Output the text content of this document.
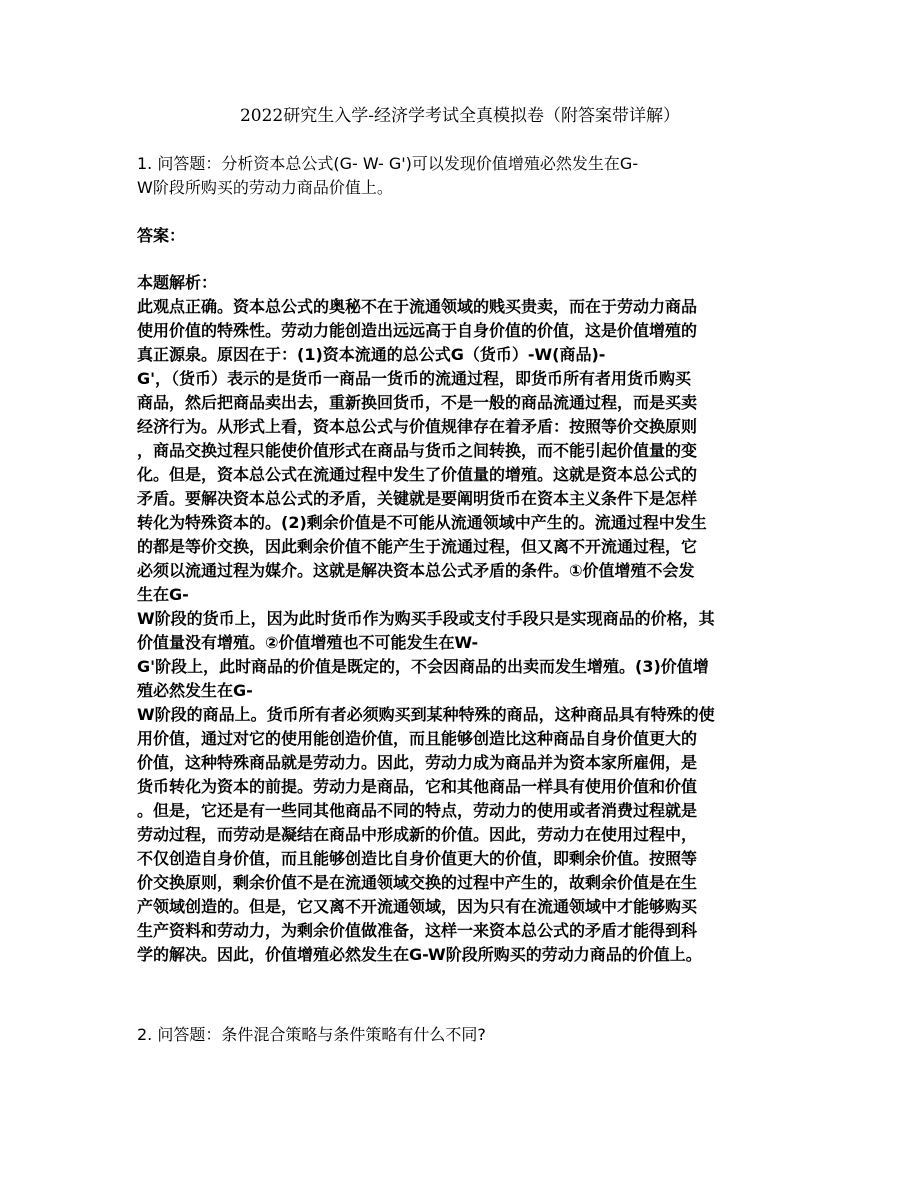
2022研究生入学-经济学考试全真模拟卷（附答案带详解）
1. 问答题：分析资本总公式(G- W- G')可以发现价值增殖必然发生在G-
W阶段所购买的劳动力商品价值上。
答案：
本题解析：
此观点正确。资本总公式的奥秘不在于流通领域的贱买贵卖，而在于劳动力商品
使用价值的特殊性。劳动力能创造出远远高于自身价值的价值，这是价值增殖的
真正源泉。原因在于：(1)资本流通的总公式G（货币）-W(商品)-
G'，（货币）表示的是货币一商品一货币的流通过程，即货币所有者用货币购买
商品，然后把商品卖出去，重新换回货币，不是一般的商品流通过程，而是买卖
经济行为。从形式上看，资本总公式与价值规律存在着矛盾：按照等价交换原则
，商品交换过程只能使价值形式在商品与货币之间转换，而不能引起价值量的变
化。但是，资本总公式在流通过程中发生了价值量的增殖。这就是资本总公式的
矛盾。要解决资本总公式的矛盾，关键就是要阐明货币在资本主义条件下是怎样
转化为特殊资本的。(2)剩余价值是不可能从流通领域中产生的。流通过程中发生
的都是等价交换，因此剩余价值不能产生于流通过程，但又离不开流通过程，它
必须以流通过程为媒介。这就是解决资本总公式矛盾的条件。①价值增殖不会发
生在G-
W阶段的货币上，因为此时货币作为购买手段或支付手段只是实现商品的价格，其
价值量没有增殖。②价值增殖也不可能发生在W-
G'阶段上，此时商品的价值是既定的，不会因商品的出卖而发生增殖。(3)价值增
殖必然发生在G-
W阶段的商品上。货币所有者必须购买到某种特殊的商品，这种商品具有特殊的使
用价值，通过对它的使用能创造价值，而且能够创造比这种商品自身价值更大的
价值，这种特殊商品就是劳动力。因此，劳动力成为商品并为资本家所雇佣，是
货币转化为资本的前提。劳动力是商品，它和其他商品一样具有使用价值和价值
。但是，它还是有一些同其他商品不同的特点，劳动力的使用或者消费过程就是
劳动过程，而劳动是凝结在商品中形成新的价值。因此，劳动力在使用过程中，
不仅创造自身价值，而且能够创造比自身价值更大的价值，即剩余价值。按照等
价交换原则，剩余价值不是在流通领域交换的过程中产生的，故剩余价值是在生
产领域创造的。但是，它又离不开流通领域，因为只有在流通领域中才能够购买
生产资料和劳动力，为剩余价值做准备，这样一来资本总公式的矛盾才能得到科
学的解决。因此，价值增殖必然发生在G-W阶段所购买的劳动力商品的价值上。
2. 问答题：条件混合策略与条件策略有什么不同?
